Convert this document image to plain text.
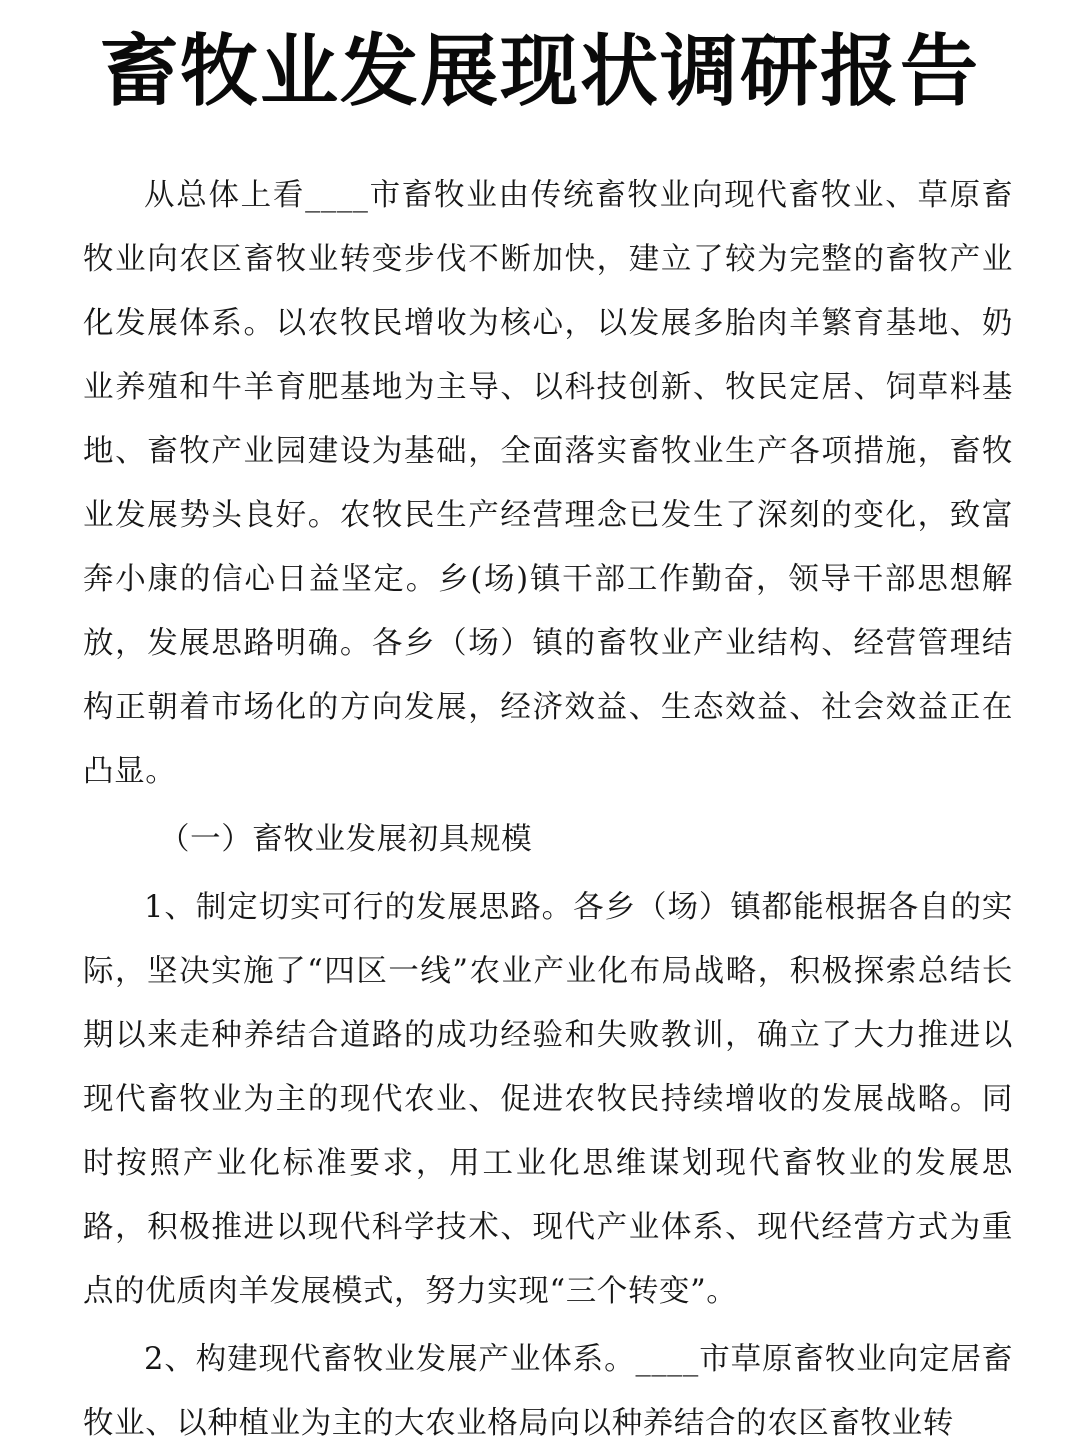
畜牧业发展现状调研报告

从总体上看____市畜牧业由传统畜牧业向现代畜牧业、草原畜牧业向农区畜牧业转变步伐不断加快，建立了较为完整的畜牧产业化发展体系。以农牧民增收为核心，以发展多胎肉羊繁育基地、奶业养殖和牛羊育肥基地为主导、以科技创新、牧民定居、饲草料基地、畜牧产业园建设为基础，全面落实畜牧业生产各项措施，畜牧业发展势头良好。农牧民生产经营理念已发生了深刻的变化，致富奔小康的信心日益坚定。乡(场)镇干部工作勤奋，领导干部思想解放，发展思路明确。各乡（场）镇的畜牧业产业结构、经营管理结构正朝着市场化的方向发展，经济效益、生态效益、社会效益正在凸显。

（一）畜牧业发展初具规模

1、制定切实可行的发展思路。各乡（场）镇都能根据各自的实际，坚决实施了“四区一线”农业产业化布局战略，积极探索总结长期以来走种养结合道路的成功经验和失败教训，确立了大力推进以现代畜牧业为主的现代农业、促进农牧民持续增收的发展战略。同时按照产业化标准要求，用工业化思维谋划现代畜牧业的发展思路，积极推进以现代科学技术、现代产业体系、现代经营方式为重点的优质肉羊发展模式，努力实现“三个转变”。

2、构建现代畜牧业发展产业体系。____市草原畜牧业向定居畜牧业、以种植业为主的大农业格局向以种养结合的农区畜牧业转
